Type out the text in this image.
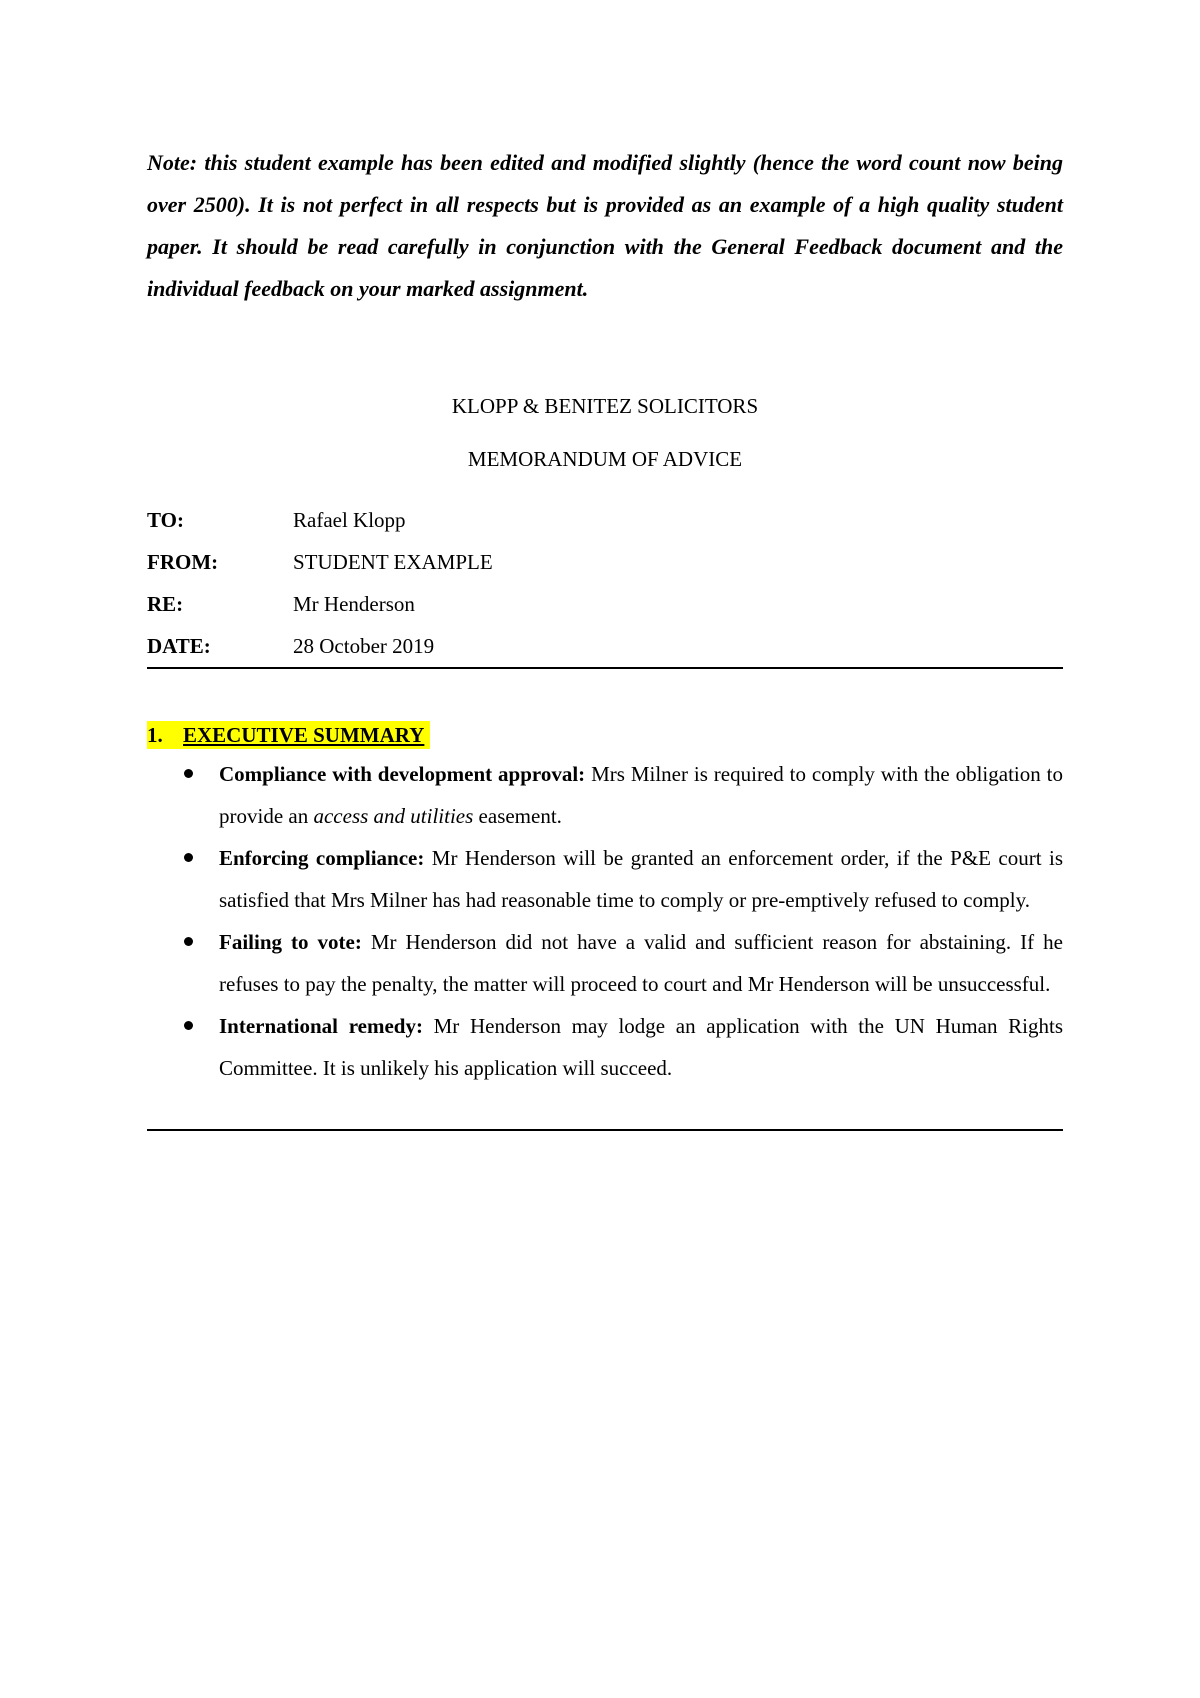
Note: this student example has been edited and modified slightly (hence the word count now being over 2500). It is not perfect in all respects but is provided as an example of a high quality student paper. It should be read carefully in conjunction with the General Feedback document and the individual feedback on your marked assignment.

KLOPP & BENITEZ SOLICITORS

MEMORANDUM OF ADVICE

TO:	Rafael Klopp
FROM:	STUDENT EXAMPLE
RE:	Mr Henderson
DATE:	28 October 2019
1. EXECUTIVE SUMMARY
Compliance with development approval: Mrs Milner is required to comply with the obligation to provide an access and utilities easement.
Enforcing compliance: Mr Henderson will be granted an enforcement order, if the P&E court is satisfied that Mrs Milner has had reasonable time to comply or pre-emptively refused to comply.
Failing to vote: Mr Henderson did not have a valid and sufficient reason for abstaining. If he refuses to pay the penalty, the matter will proceed to court and Mr Henderson will be unsuccessful.
International remedy: Mr Henderson may lodge an application with the UN Human Rights Committee. It is unlikely his application will succeed.
